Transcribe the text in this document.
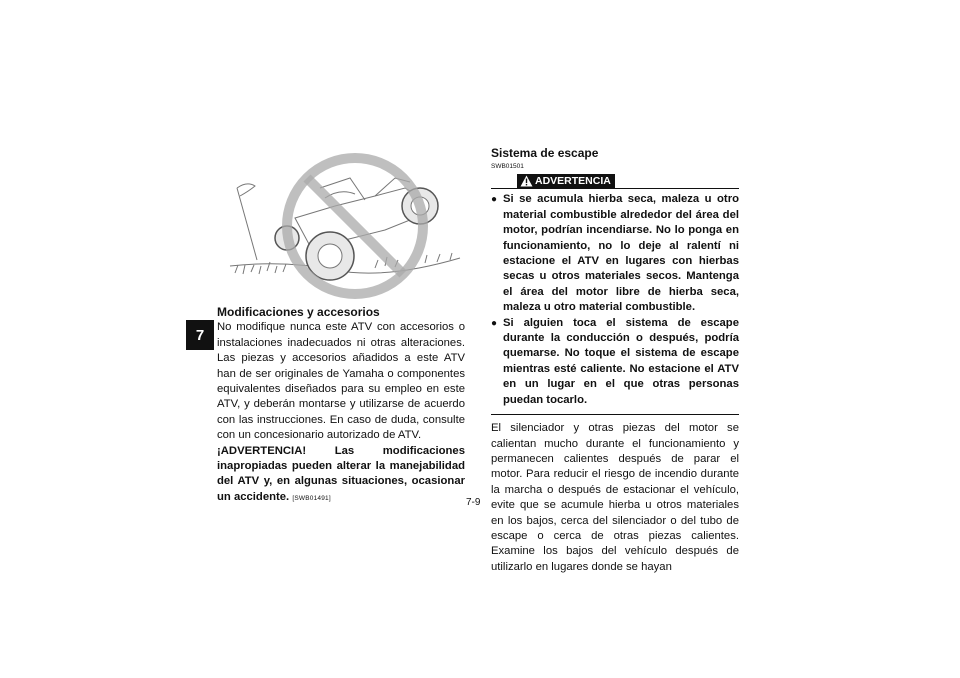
7
Modificaciones y accesorios

No modifique nunca este ATV con accesorios o instalaciones inadecuados ni otras alteraciones. Las piezas y accesorios añadidos a este ATV han de ser originales de Yamaha o componentes equivalentes diseñados para su empleo en este ATV, y deberán montarse y utilizarse de acuerdo con las instrucciones. En caso de duda, consulte con un concesionario autorizado de ATV.

¡ADVERTENCIA! Las modificaciones inapropiadas pueden alterar la manejabilidad del ATV y, en algunas situaciones, ocasionar un accidente. [SWB01491]

Sistema de escape
SWB01501
ADVERTENCIA
● Si se acumula hierba seca, maleza u otro material combustible alrededor del área del motor, podrían incendiarse. No lo ponga en funcionamiento, no lo deje al ralentí ni estacione el ATV en lugares con hierbas secas u otros materiales secos. Mantenga el área del motor libre de hierba seca, maleza u otro material combustible.
● Si alguien toca el sistema de escape durante la conducción o después, podría quemarse. No toque el sistema de escape mientras esté caliente. No estacione el ATV en un lugar en el que otras personas puedan tocarlo.

El silenciador y otras piezas del motor se calientan mucho durante el funcionamiento y permanecen calientes después de parar el motor. Para reducir el riesgo de incendio durante la marcha o después de estacionar el vehículo, evite que se acumule hierba u otros materiales en los bajos, cerca del silenciador o del tubo de escape o cerca de otras piezas calientes. Examine los bajos del vehículo después de utilizarlo en lugares donde se hayan

7-9
